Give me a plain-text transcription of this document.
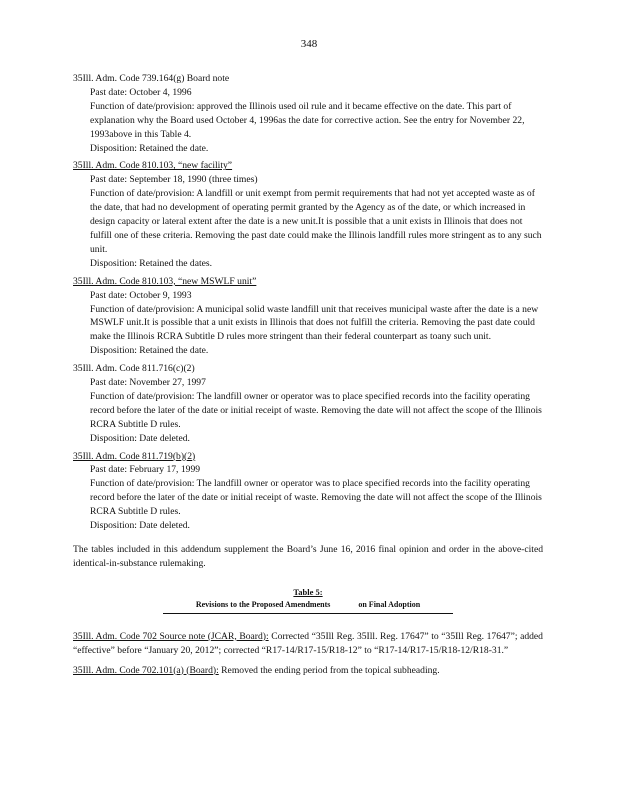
348
35Ill. Adm. Code 739.164(g) Board note
Past date: October 4, 1996
Function of date/provision: approved the Illinois used oil rule and it became effective on the date. This part of explanation why the Board used October 4, 1996as the date for corrective action. See the entry for November 22, 1993above in this Table 4.
Disposition: Retained the date.
35Ill. Adm. Code 810.103, “new facility”
Past date: September 18, 1990 (three times)
Function of date/provision: A landfill or unit exempt from permit requirements that had not yet accepted waste as of the date, that had no development of operating permit granted by the Agency as of the date, or which increased in design capacity or lateral extent after the date is a new unit.It is possible that a unit exists in Illinois that does not fulfill one of these criteria. Removing the past date could make the Illinois landfill rules more stringent as to any such unit.
Disposition: Retained the dates.
35Ill. Adm. Code 810.103, “new MSWLF unit”
Past date: October 9, 1993
Function of date/provision: A municipal solid waste landfill unit that receives municipal waste after the date is a new MSWLF unit.It is possible that a unit exists in Illinois that does not fulfill the criteria. Removing the past date could make the Illinois RCRA Subtitle D rules more stringent than their federal counterpart as toany such unit.
Disposition: Retained the date.
35Ill. Adm. Code 811.716(c)(2)
Past date: November 27, 1997
Function of date/provision: The landfill owner or operator was to place specified records into the facility operating record before the later of the date or initial receipt of waste. Removing the date will not affect the scope of the Illinois RCRA Subtitle D rules.
Disposition: Date deleted.
35Ill. Adm. Code 811.719(b)(2)
Past date: February 17, 1999
Function of date/provision: The landfill owner or operator was to place specified records into the facility operating record before the later of the date or initial receipt of waste. Removing the date will not affect the scope of the Illinois RCRA Subtitle D rules.
Disposition: Date deleted.
The tables included in this addendum supplement the Board’s June 16, 2016 final opinion and order in the above-cited identical-in-substance rulemaking.
Table 5:
Revisions to the Proposed Amendments	on Final Adoption
35Ill. Adm. Code 702 Source note (JCAR, Board): Corrected “35Ill Reg. 35Ill. Reg. 17647” to “35Ill Reg. 17647”; added “effective” before “January 20, 2012”; corrected “R17-14/R17-15/R18-12” to “R17-14/R17-15/R18-12/R18-31.”
35Ill. Adm. Code 702.101(a) (Board): Removed the ending period from the topical subheading.
